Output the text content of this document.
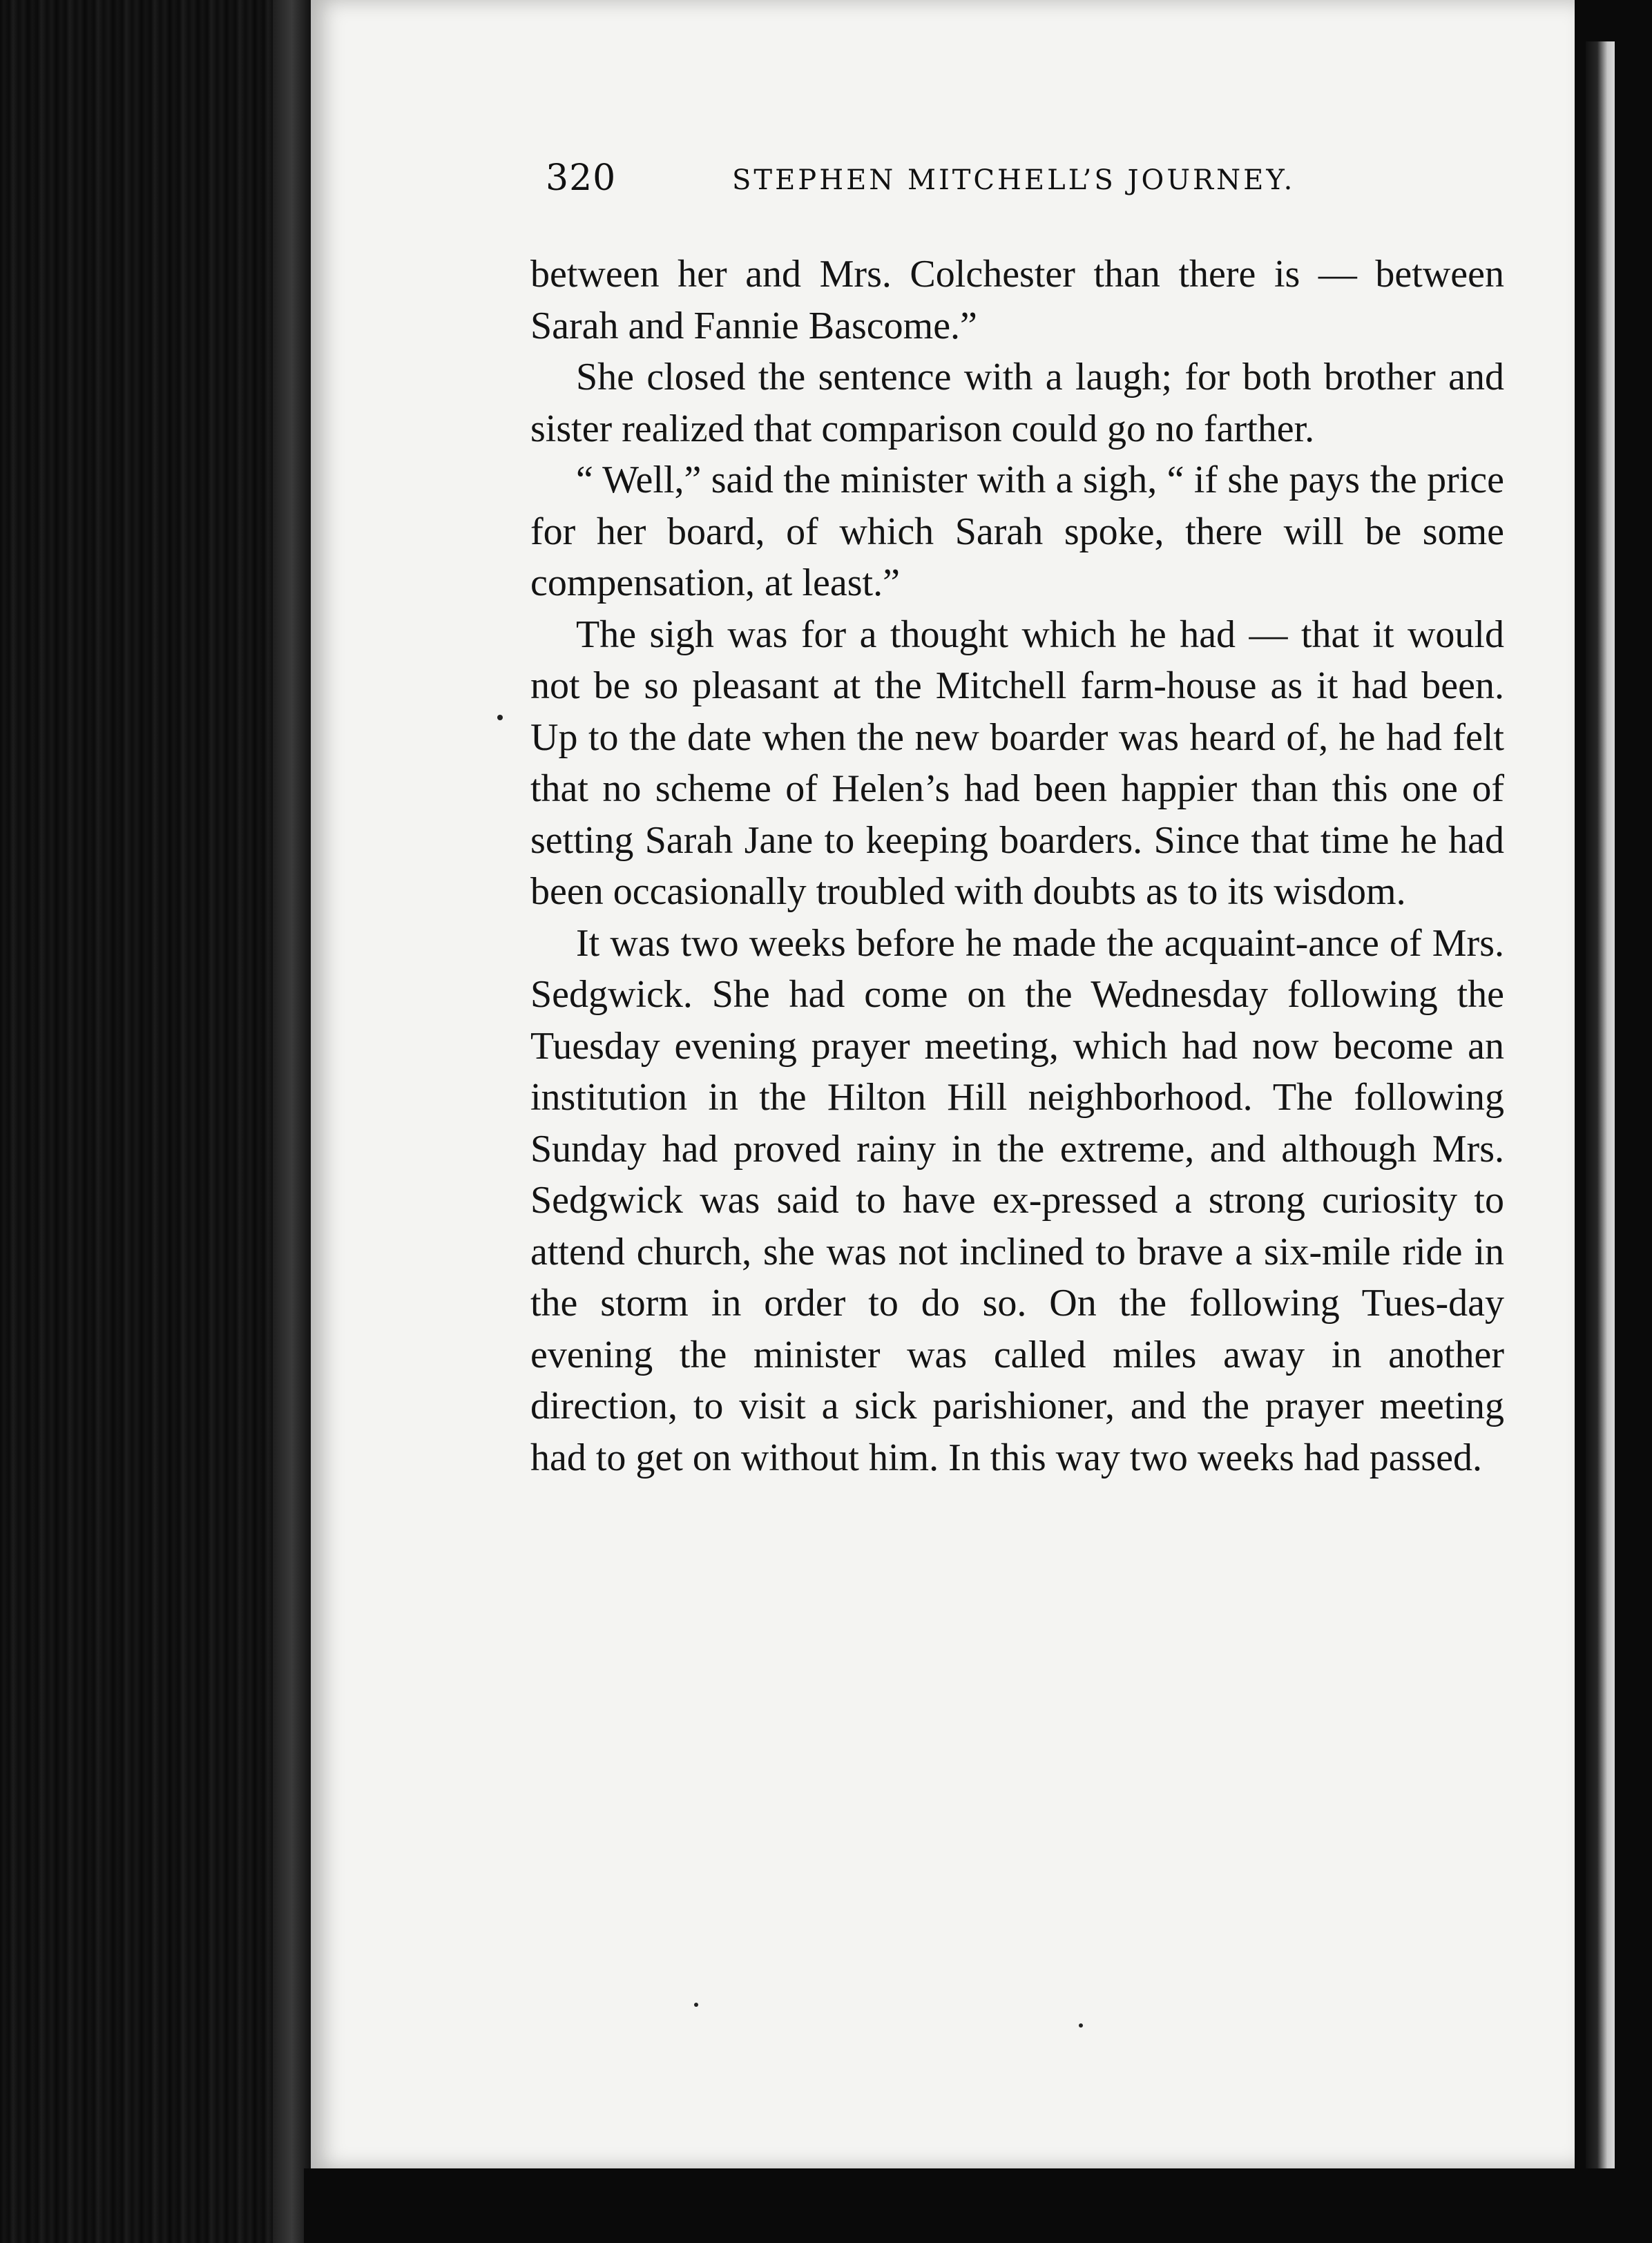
320	STEPHEN MITCHELL’S JOURNEY.

between her and Mrs. Colchester than there is — between Sarah and Fannie Bascome.”

She closed the sentence with a laugh; for both brother and sister realized that comparison could go no farther.

“ Well,” said the minister with a sigh, “ if she pays the price for her board, of which Sarah spoke, there will be some compensation, at least.”

The sigh was for a thought which he had — that it would not be so pleasant at the Mitchell farm-house as it had been. Up to the date when the new boarder was heard of, he had felt that no scheme of Helen’s had been happier than this one of setting Sarah Jane to keeping boarders. Since that time he had been occasionally troubled with doubts as to its wisdom.

It was two weeks before he made the acquaint-ance of Mrs. Sedgwick. She had come on the Wednesday following the Tuesday evening prayer meeting, which had now become an institution in the Hilton Hill neighborhood. The following Sunday had proved rainy in the extreme, and although Mrs. Sedgwick was said to have ex-pressed a strong curiosity to attend church, she was not inclined to brave a six-mile ride in the storm in order to do so. On the following Tues-day evening the minister was called miles away in another direction, to visit a sick parishioner, and the prayer meeting had to get on without him. In this way two weeks had passed.
